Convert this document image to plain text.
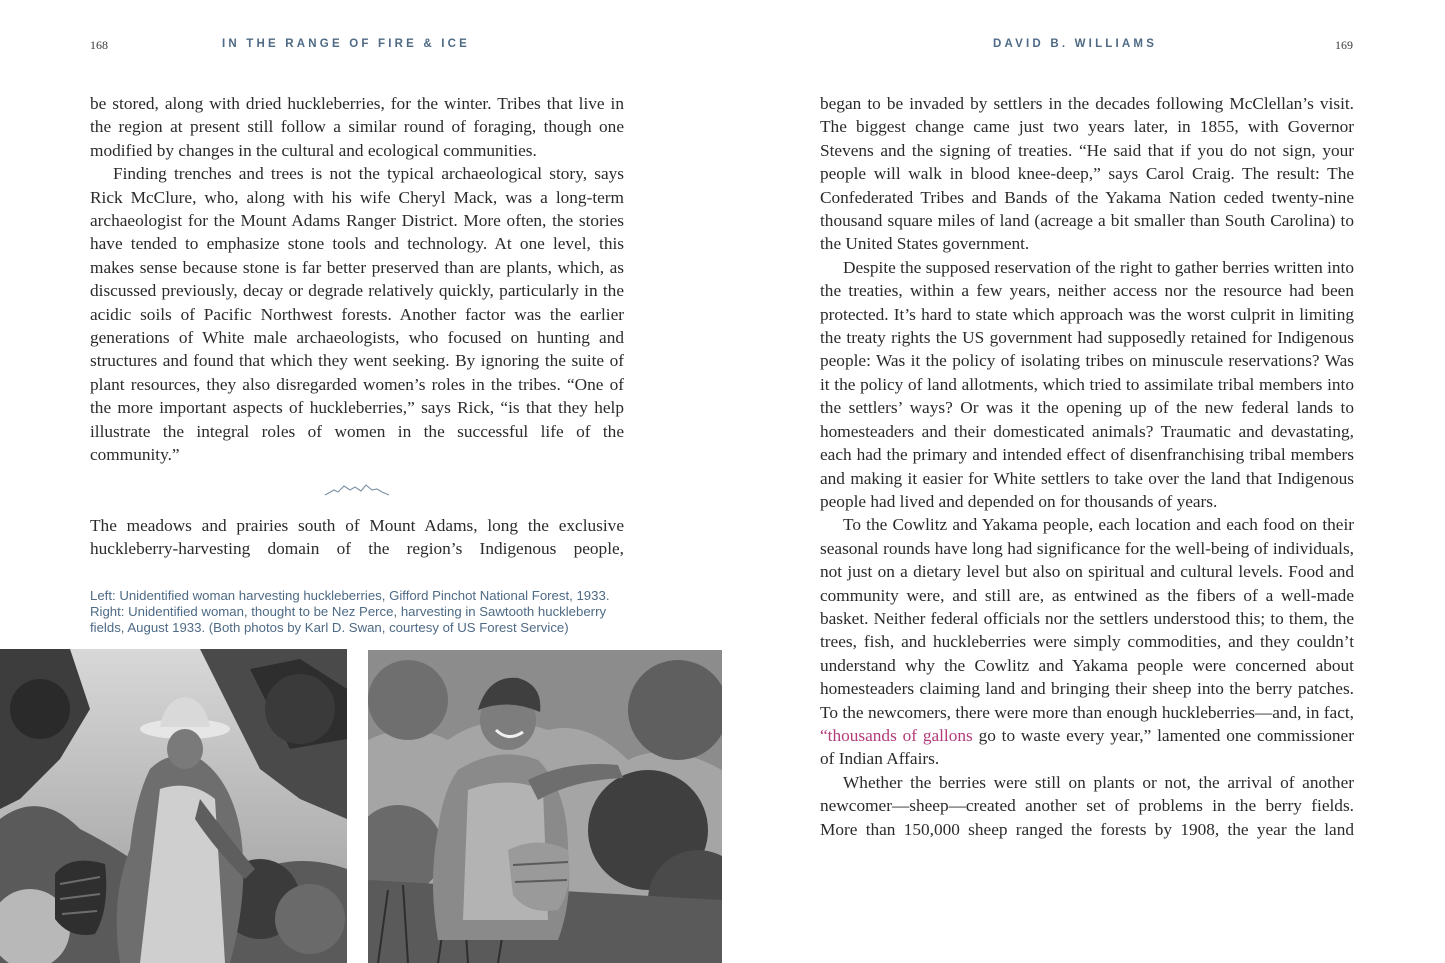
168	IN THE RANGE OF FIRE & ICE	DAVID B. WILLIAMS	169

be stored, along with dried huckleberries, for the winter. Tribes that live in the region at present still follow a similar round of foraging, though one modified by changes in the cultural and ecological communities.

Finding trenches and trees is not the typical archaeological story, says Rick McClure, who, along with his wife Cheryl Mack, was a long-term archaeologist for the Mount Adams Ranger District. More often, the stories have tended to emphasize stone tools and technology. At one level, this makes sense because stone is far better preserved than are plants, which, as discussed previously, decay or degrade relatively quickly, particularly in the acidic soils of Pacific Northwest forests. Another factor was the earlier generations of White male archaeologists, who focused on hunting and structures and found that which they went seeking. By ignoring the suite of plant resources, they also disregarded women’s roles in the tribes. “One of the more important aspects of huckleberries,” says Rick, “is that they help illustrate the integral roles of women in the successful life of the community.”

The meadows and prairies south of Mount Adams, long the exclusive huckleberry-harvesting domain of the region’s Indigenous people,

Left: Unidentified woman harvesting huckleberries, Gifford Pinchot National Forest, 1933. Right: Unidentified woman, thought to be Nez Perce, harvesting in Sawtooth huckleberry fields, August 1933. (Both photos by Karl D. Swan, courtesy of US Forest Service)

began to be invaded by settlers in the decades following McClellan’s visit. The biggest change came just two years later, in 1855, with Governor Stevens and the signing of treaties. “He said that if you do not sign, your people will walk in blood knee-deep,” says Carol Craig. The result: The Confederated Tribes and Bands of the Yakama Nation ceded twenty-nine thousand square miles of land (acreage a bit smaller than South Carolina) to the United States government.

Despite the supposed reservation of the right to gather berries written into the treaties, within a few years, neither access nor the resource had been protected. It’s hard to state which approach was the worst culprit in limiting the treaty rights the US government had supposedly retained for Indigenous people: Was it the policy of isolating tribes on minuscule reservations? Was it the policy of land allotments, which tried to assimilate tribal members into the settlers’ ways? Or was it the opening up of the new federal lands to homesteaders and their domesticated animals? Traumatic and devastating, each had the primary and intended effect of disenfranchising tribal members and making it easier for White settlers to take over the land that Indigenous people had lived and depended on for thousands of years.

To the Cowlitz and Yakama people, each location and each food on their seasonal rounds have long had significance for the well-being of individuals, not just on a dietary level but also on spiritual and cultural levels. Food and community were, and still are, as entwined as the fibers of a well-made basket. Neither federal officials nor the settlers understood this; to them, the trees, fish, and huckleberries were simply commodities, and they couldn’t understand why the Cowlitz and Yakama people were concerned about homesteaders claiming land and bringing their sheep into the berry patches. To the newcomers, there were more than enough huckleberries—and, in fact, “thousands of gallons go to waste every year,” lamented one commissioner of Indian Affairs.

Whether the berries were still on plants or not, the arrival of another newcomer—sheep—created another set of problems in the berry fields. More than 150,000 sheep ranged the forests by 1908, the year the land
